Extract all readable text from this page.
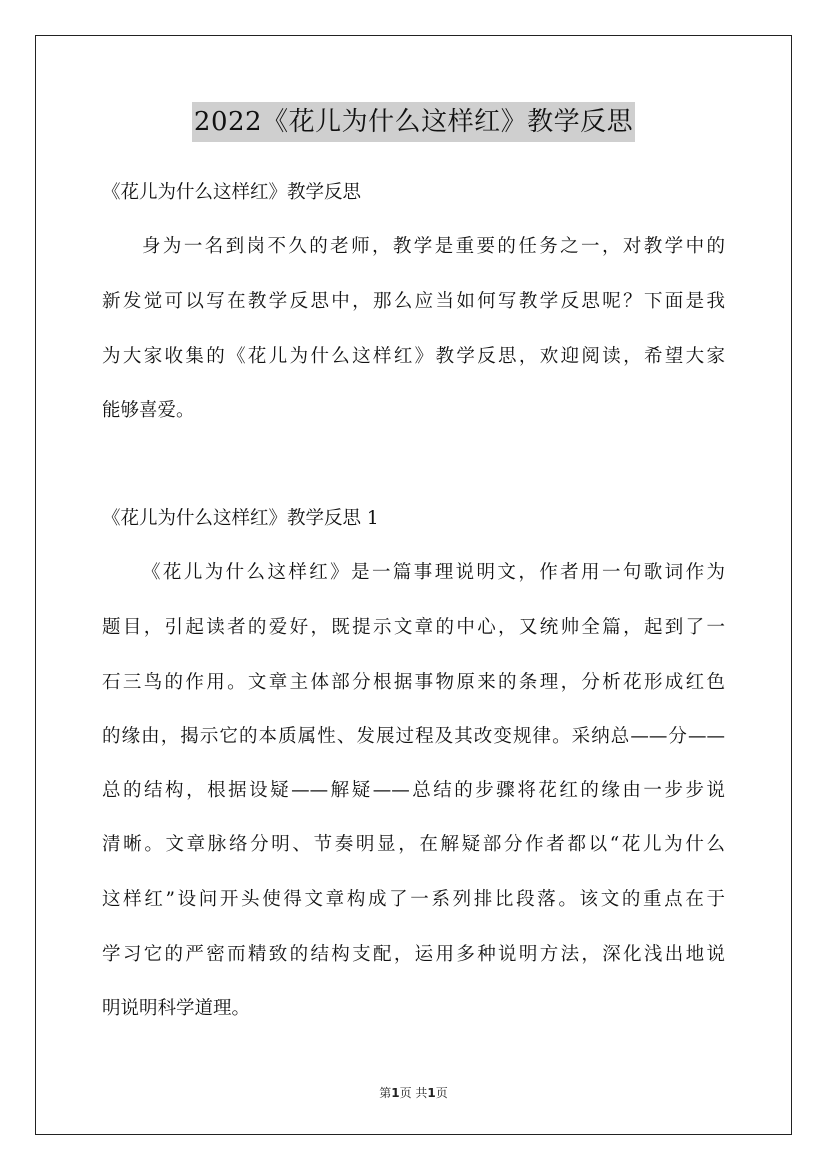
2022《花儿为什么这样红》教学反思
《花儿为什么这样红》教学反思
身为一名到岗不久的老师，教学是重要的任务之一，对教学中的
新发觉可以写在教学反思中，那么应当如何写教学反思呢？下面是我
为大家收集的《花儿为什么这样红》教学反思，欢迎阅读，希望大家
能够喜爱。
《花儿为什么这样红》教学反思 1
《花儿为什么这样红》是一篇事理说明文，作者用一句歌词作为
题目，引起读者的爱好，既提示文章的中心，又统帅全篇，起到了一
石三鸟的作用。文章主体部分根据事物原来的条理，分析花形成红色
的缘由，揭示它的本质属性、发展过程及其改变规律。采纳总——分——
总的结构，根据设疑——解疑——总结的步骤将花红的缘由一步步说
清晰。文章脉络分明、节奏明显，在解疑部分作者都以“花儿为什么
这样红”设问开头使得文章构成了一系列排比段落。该文的重点在于
学习它的严密而精致的结构支配，运用多种说明方法，深化浅出地说
明说明科学道理。
第1页 共1页
